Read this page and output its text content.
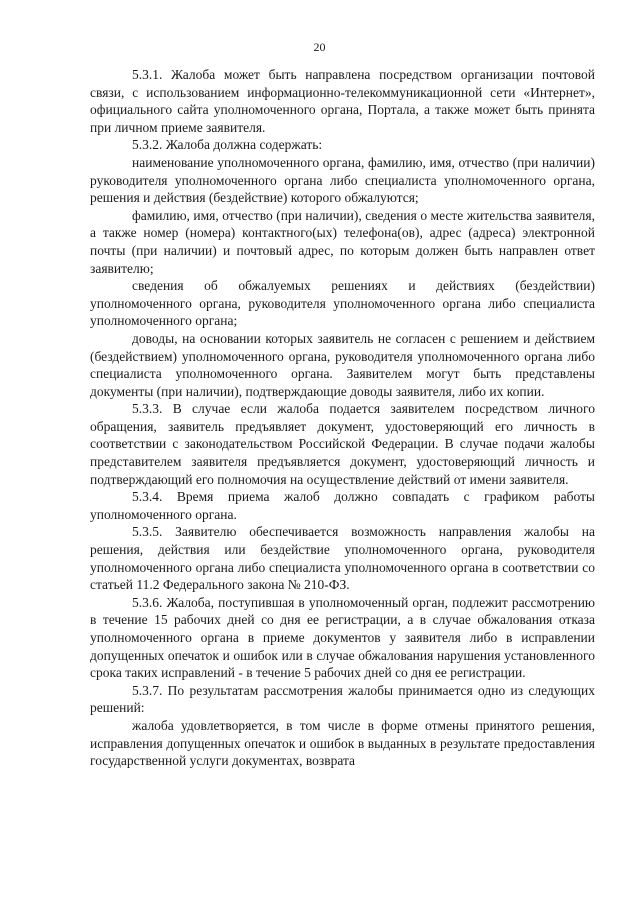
20

5.3.1. Жалоба может быть направлена посредством организации почтовой связи, с использованием информационно-телекоммуникационной сети «Интернет», официального сайта уполномоченного органа, Портала, а также может быть принята при личном приеме заявителя.

5.3.2. Жалоба должна содержать:

наименование уполномоченного органа, фамилию, имя, отчество (при наличии) руководителя уполномоченного органа либо специалиста уполномоченного органа, решения и действия (бездействие) которого обжалуются;

фамилию, имя, отчество (при наличии), сведения о месте жительства заявителя, а также номер (номера) контактного(ых) телефона(ов), адрес (адреса) электронной почты (при наличии) и почтовый адрес, по которым должен быть направлен ответ заявителю;

сведения об обжалуемых решениях и действиях (бездействии) уполномоченного органа, руководителя уполномоченного органа либо специалиста уполномоченного органа;

доводы, на основании которых заявитель не согласен с решением и действием (бездействием) уполномоченного органа, руководителя уполномоченного органа либо специалиста уполномоченного органа. Заявителем могут быть представлены документы (при наличии), подтверждающие доводы заявителя, либо их копии.

5.3.3. В случае если жалоба подается заявителем посредством личного обращения, заявитель предъявляет документ, удостоверяющий его личность в соответствии с законодательством Российской Федерации. В случае подачи жалобы представителем заявителя предъявляется документ, удостоверяющий личность и подтверждающий его полномочия на осуществление действий от имени заявителя.

5.3.4. Время приема жалоб должно совпадать с графиком работы уполномоченного органа.

5.3.5. Заявителю обеспечивается возможность направления жалобы на решения, действия или бездействие уполномоченного органа, руководителя уполномоченного органа либо специалиста уполномоченного органа в соответствии со статьей 11.2 Федерального закона № 210-ФЗ.

5.3.6. Жалоба, поступившая в уполномоченный орган, подлежит рассмотрению в течение 15 рабочих дней со дня ее регистрации, а в случае обжалования отказа уполномоченного органа в приеме документов у заявителя либо в исправлении допущенных опечаток и ошибок или в случае обжалования нарушения установленного срока таких исправлений - в течение 5 рабочих дней со дня ее регистрации.

5.3.7. По результатам рассмотрения жалобы принимается одно из следующих решений:

жалоба удовлетворяется, в том числе в форме отмены принятого решения, исправления допущенных опечаток и ошибок в выданных в результате предоставления государственной услуги документах, возврата
